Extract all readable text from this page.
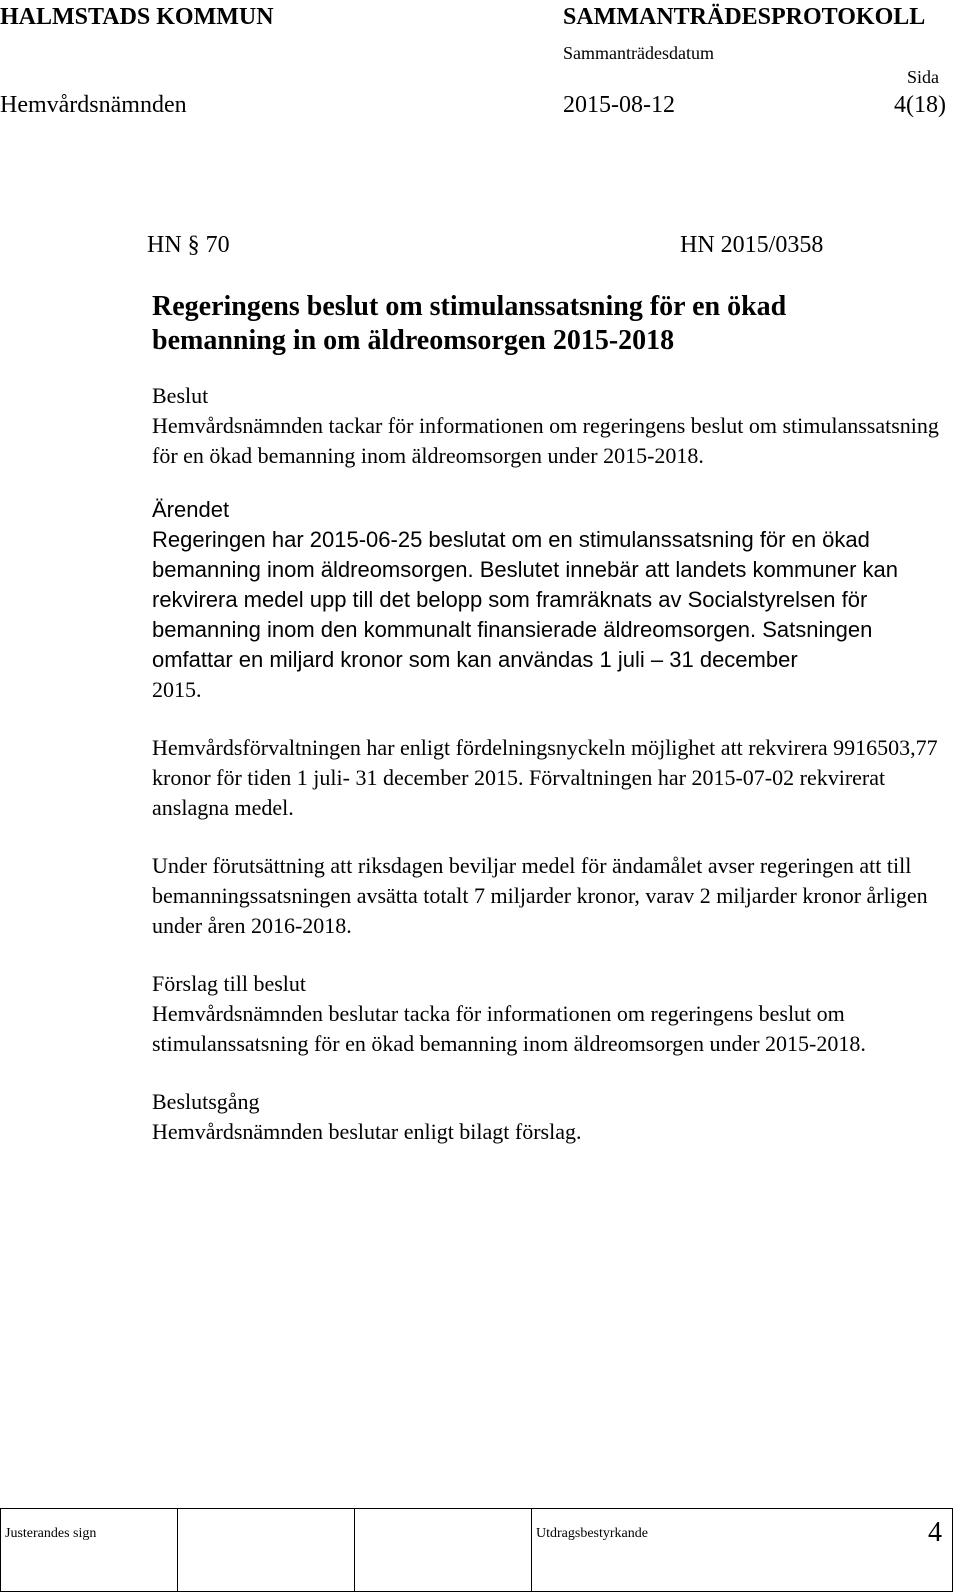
HALMSTADS KOMMUN	SAMMANTRÄDESPROTOKOLL
Sammanträdesdatum
Sida
Hemvårdsnämnden	2015-08-12	4(18)
HN § 70	HN 2015/0358
Regeringens beslut om stimulanssatsning för en ökad
bemanning in om äldreomsorgen 2015-2018

Beslut

Hemvårdsnämnden tackar för informationen om regeringens beslut om stimulanssatsning för en ökad bemanning inom äldreomsorgen under 2015-2018.

Ärendet

Regeringen har 2015-06-25 beslutat om en stimulanssatsning för en ökad bemanning inom äldreomsorgen. Beslutet innebär att landets kommuner kan rekvirera medel upp till det belopp som framräknats av Socialstyrelsen för bemanning inom den kommunalt finansierade äldreomsorgen. Satsningen omfattar en miljard kronor som kan användas 1 juli – 31 december
2015.

Hemvårdsförvaltningen har enligt fördelningsnyckeln möjlighet att rekvirera 9916503,77 kronor för tiden 1 juli- 31 december 2015. Förvaltningen har 2015-07-02 rekvirerat anslagna medel.

Under förutsättning att riksdagen beviljar medel för ändamålet avser regeringen att till bemanningssatsningen avsätta totalt 7 miljarder kronor, varav 2 miljarder kronor årligen under åren 2016-2018.

Förslag till beslut

Hemvårdsnämnden beslutar tacka för informationen om regeringens beslut om stimulanssatsning för en ökad bemanning inom äldreomsorgen under 2015-2018.

Beslutsgång

Hemvårdsnämnden beslutar enligt bilagt förslag.

Justerandes sign			Utdragsbestyrkande	4
